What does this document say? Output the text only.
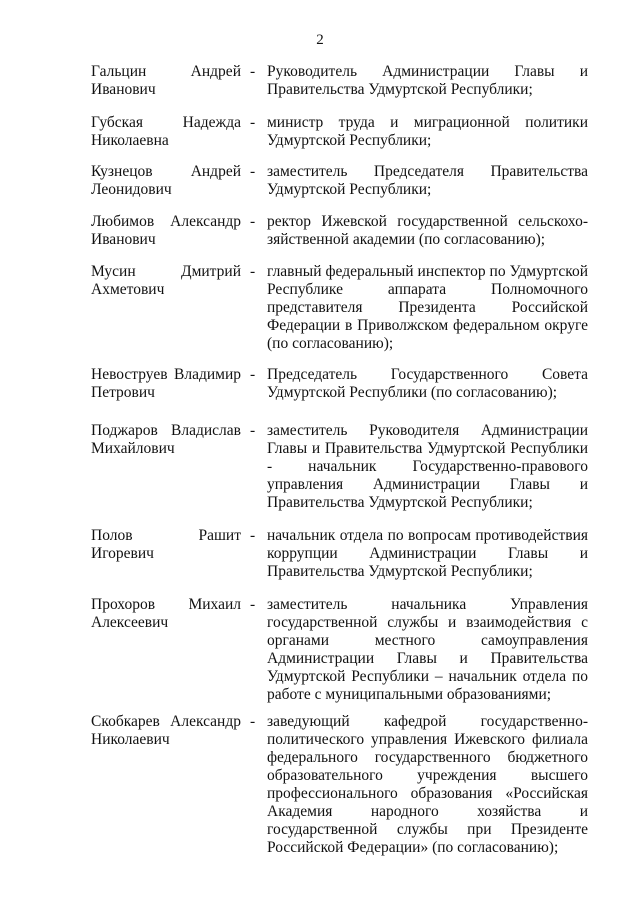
2
Гальцин Андрей
Иванович
- Руководитель Администрации Главы и Правительства Удмуртской Республики;
Губская Надежда
Николаевна
- министр труда и миграционной политики Удмуртской Республики;
Кузнецов Андрей
Леонидович
- заместитель Председателя Правительства Удмуртской Республики;
Любимов Александр
Иванович
- ректор Ижевской государственной сельскохо-зяйственной академии (по согласованию);
Мусин Дмитрий
Ахметович
- главный федеральный инспектор по Удмуртской Республике аппарата Полномочного представителя Президента Российской Федерации в Приволжском федеральном округе (по согласованию);
Невоструев Владимир
Петрович
- Председатель Государственного Совета Удмуртской Республики (по согласованию);
Поджаров Владислав
Михайлович
- заместитель Руководителя Администрации Главы и Правительства Удмуртской Республики - начальник Государственно-правового управления Администрации Главы и Правительства Удмуртской Республики;
Полов Рашит
Игоревич
- начальник отдела по вопросам противодействия коррупции Администрации Главы и Правительства Удмуртской Республики;
Прохоров Михаил
Алексеевич
- заместитель начальника Управления государственной службы и взаимодействия с органами местного самоуправления Администрации Главы и Правительства Удмуртской Республики – начальник отдела по работе с муниципальными образованиями;
Скобкарев Александр
Николаевич
- заведующий кафедрой государственно-политического управления Ижевского филиала федерального государственного бюджетного образовательного учреждения высшего профессионального образования «Российская Академия народного хозяйства и государственной службы при Президенте Российской Федерации» (по согласованию);
